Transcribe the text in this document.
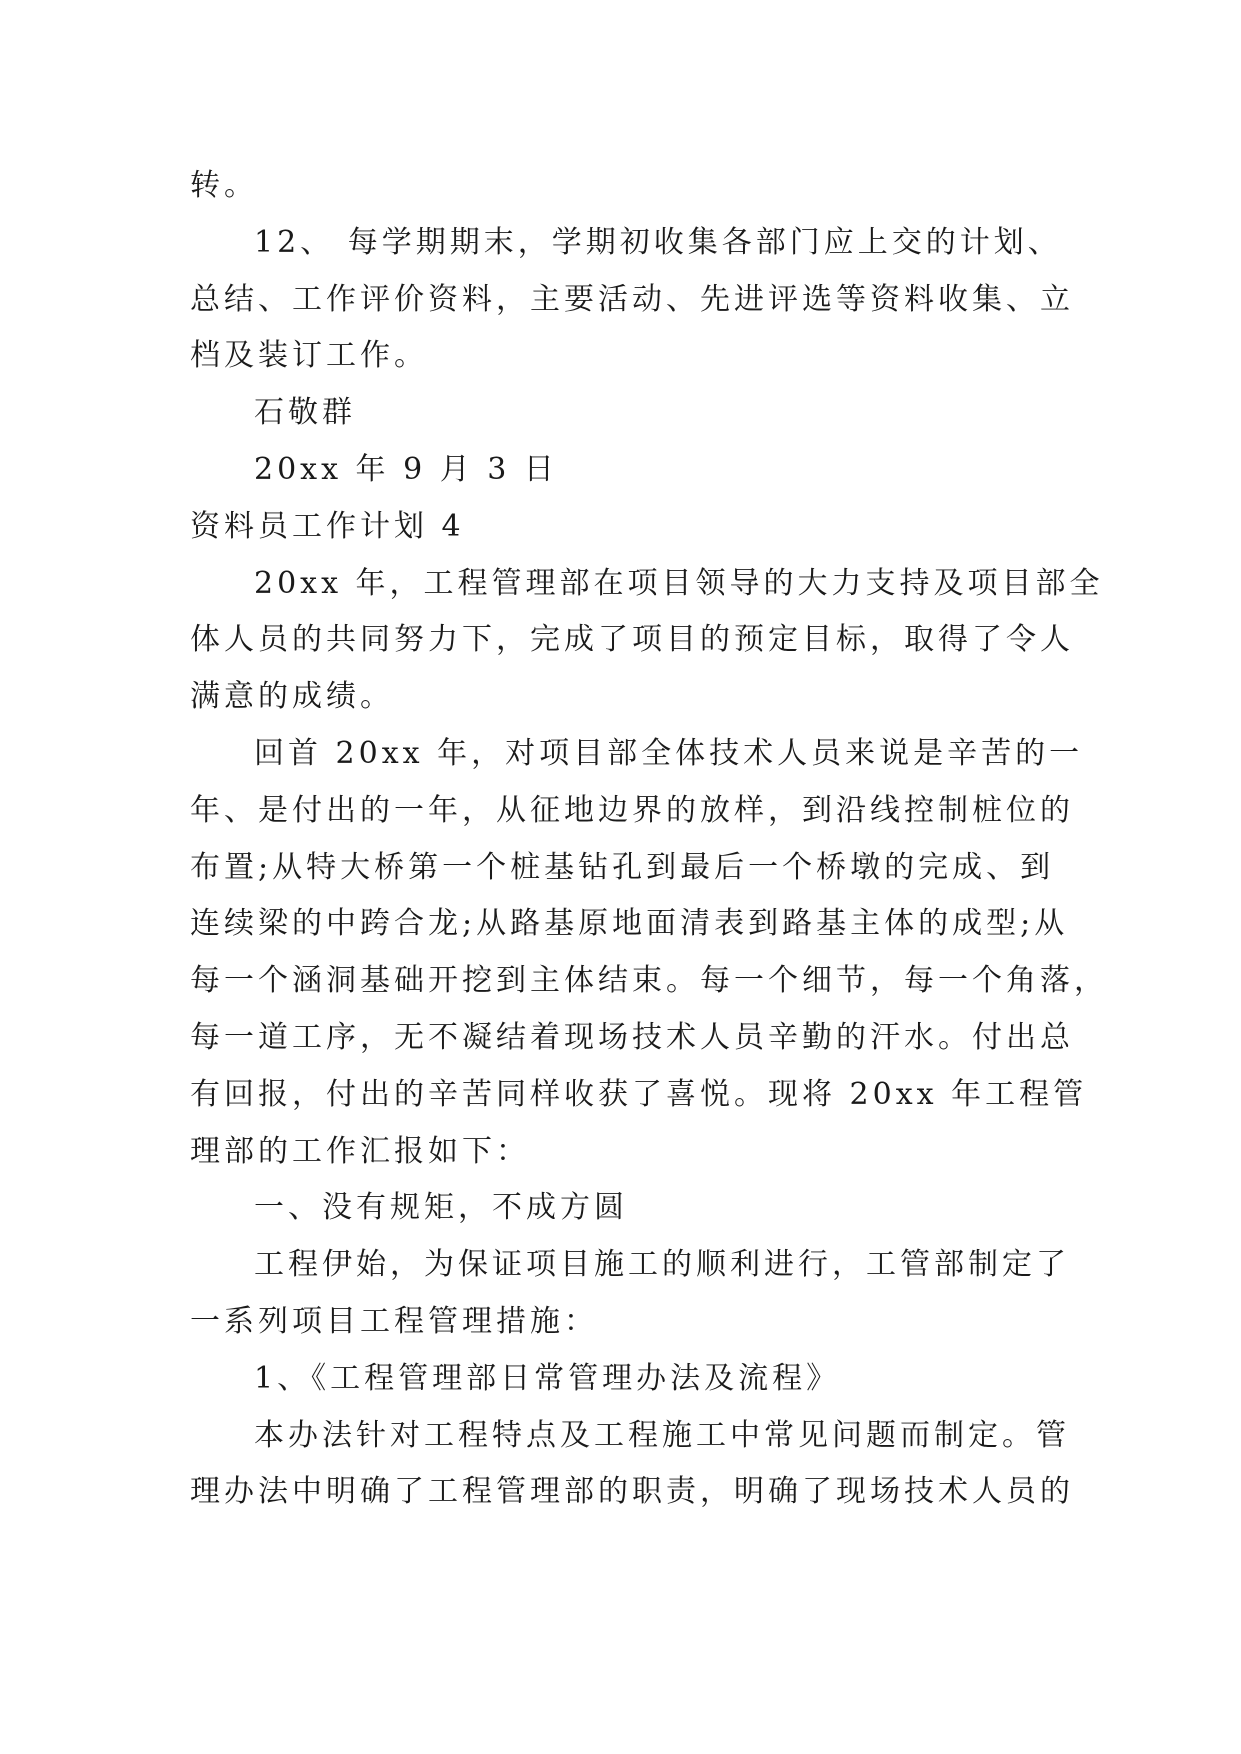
转。
12、 每学期期末，学期初收集各部门应上交的计划、
总结、工作评价资料，主要活动、先进评选等资料收集、立
档及装订工作。
石敬群
20xx 年 9 月 3 日
资料员工作计划 4
20xx 年，工程管理部在项目领导的大力支持及项目部全
体人员的共同努力下，完成了项目的预定目标，取得了令人
满意的成绩。
回首 20xx 年，对项目部全体技术人员来说是辛苦的一
年、是付出的一年，从征地边界的放样，到沿线控制桩位的
布置;从特大桥第一个桩基钻孔到最后一个桥墩的完成、到
连续梁的中跨合龙;从路基原地面清表到路基主体的成型;从
每一个涵洞基础开挖到主体结束。每一个细节，每一个角落，
每一道工序，无不凝结着现场技术人员辛勤的汗水。付出总
有回报，付出的辛苦同样收获了喜悦。现将 20xx 年工程管
理部的工作汇报如下：
一、没有规矩，不成方圆
工程伊始，为保证项目施工的顺利进行，工管部制定了
一系列项目工程管理措施：
1、《工程管理部日常管理办法及流程》
本办法针对工程特点及工程施工中常见问题而制定。管
理办法中明确了工程管理部的职责，明确了现场技术人员的
